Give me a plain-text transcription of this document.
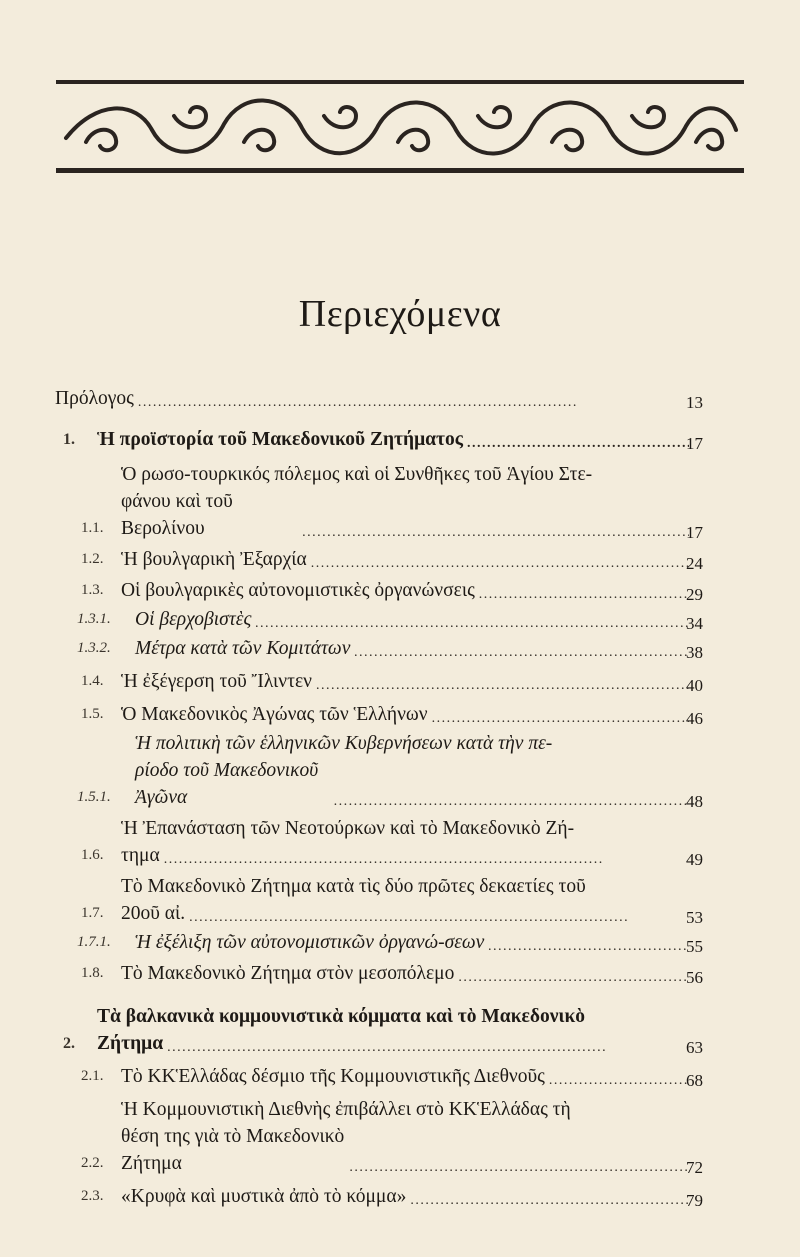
Περιεχόμενα
Πρόλογος . . .	13
1.	Ἡ προϊστορία τοῦ Μακεδονικοῦ Ζητήματος . . .	17
1.1.
Ὁ ρωσο-τουρκικός πόλεμος καὶ οἱ Συνθῆκες τοῦ Ἁγίου Στε-
φάνου καὶ τοῦ Βερολίνου . . .	17
1.2. Ἡ βουλγαρικὴ Ἐξαρχία . . .	24
1.3. Οἱ βουλγαρικὲς αὐτονομιστικὲς ὀργανώνσεις . . .	29
1.3.1.	Οἱ βερχοβιστὲς . . .	34
1.3.2.	Μέτρα κατὰ τῶν Κομιτάτων . . .	38
1.4. Ἡ ἐξέγερση τοῦ Ἴλιντεν . . .	40
1.5. Ὁ Μακεδονικὸς Ἀγώνας τῶν Ἑλλήνων . . .	46
1.5.1.
Ἡ πολιτικὴ τῶν ἑλληνικῶν Κυβερνήσεων κατὰ τὴν πε-
ρίοδο τοῦ Μακεδονικοῦ Ἀγῶνα . . .	48
1.6.
Ἡ Ἐπανάσταση τῶν Νεοτούρκων καὶ τὸ Μακεδονικὸ Ζή-
τημα . . .	49
1.7.
Τὸ Μακεδονικὸ Ζήτημα κατὰ τὶς δύο πρῶτες δεκαετίες τοῦ
20οῦ αἰ. . . .	53
1.7.1.	Ἡ ἐξέλιξη τῶν αὐτονομιστικῶν ὀργανώ-σεων . . .	55
1.8. Τὸ Μακεδονικὸ Ζήτημα στὸν μεσοπόλεμο . . .	56
2.
Τὰ βαλκανικὰ κομμουνιστικὰ κόμματα καὶ τὸ Μακεδονικὸ
Ζήτημα . . .	63
2.1. Τὸ ΚΚἙλλάδας δέσμιο τῆς Κομμουνιστικῆς Διεθνοῦς . . .	68
2.2.
Ἡ Κομμουνιστικὴ Διεθνὴς ἐπιβάλλει στὸ ΚΚἙλλάδας τὴ
θέση της γιὰ τὸ Μακεδονικὸ Ζήτημα . . .	72
2.3. «Κρυφὰ καὶ μυστικὰ ἀπὸ τὸ κόμμα» . . .	79
